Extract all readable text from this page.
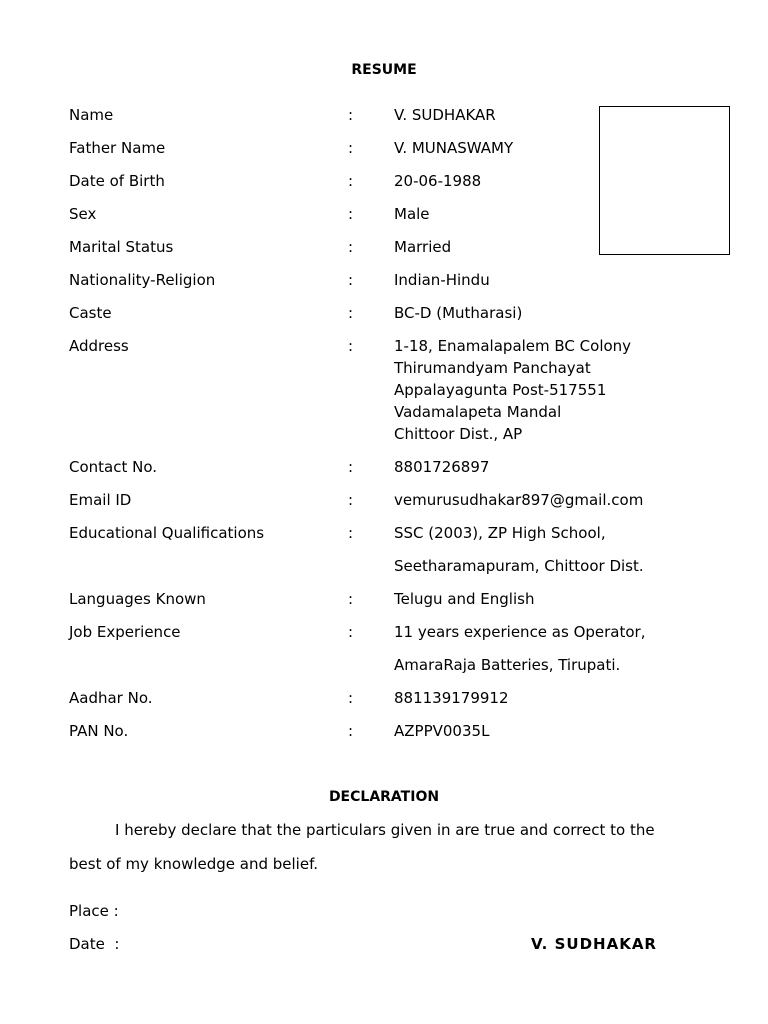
RESUME
Name	:	V. SUDHAKAR
Father Name	:	V. MUNASWAMY
Date of Birth	:	20-06-1988
Sex	:	Male
Marital Status	:	Married
Nationality-Religion	:	Indian-Hindu
Caste	:	BC-D (Mutharasi)
Address	:	1-18, Enamalapalem BC Colony
Thirumandyam Panchayat
Appalayagunta Post-517551
Vadamalapeta Mandal
Chittoor Dist., AP
Contact No.	:	8801726897
Email ID	:	vemurusudhakar897@gmail.com
Educational Qualifications	:	SSC (2003), ZP High School,
Seetharamapuram, Chittoor Dist.
Languages Known	:	Telugu and English
Job Experience	:	11 years experience as Operator,
AmaraRaja Batteries, Tirupati.
Aadhar No.	:	881139179912
PAN No.	:	AZPPV0035L
DECLARATION
I hereby declare that the particulars given in are true and correct to the
best of my knowledge and belief.
Place :
Date  :	V. SUDHAKAR
